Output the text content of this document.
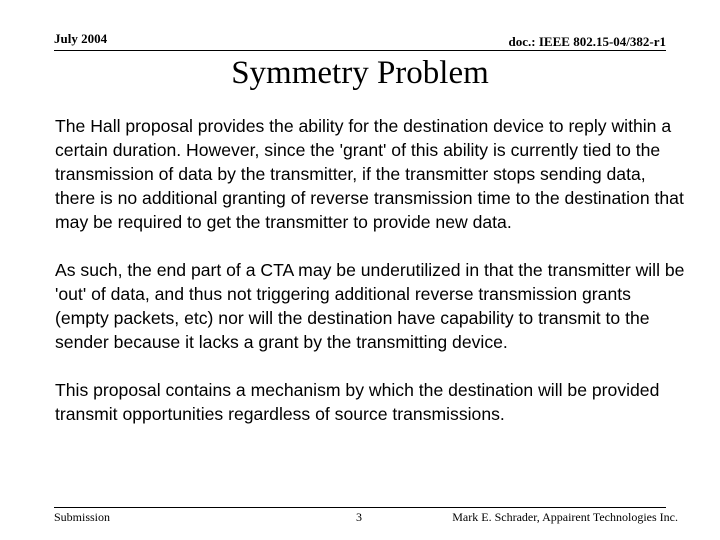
July 2004	doc.: IEEE 802.15-04/382-r1
Symmetry Problem

The Hall proposal provides the ability for the destination device to reply within a certain duration. However, since the 'grant' of this ability is currently tied to the transmission of data by the transmitter, if the transmitter stops sending data, there is no additional granting of reverse transmission time to the destination that may be required to get the transmitter to provide new data.

As such, the end part of a CTA may be underutilized in that the transmitter will be 'out' of data, and thus not triggering additional reverse transmission grants (empty packets, etc) nor will the destination have capability to transmit to the sender because it lacks a grant by the transmitting device.

This proposal contains a mechanism by which the destination will be provided transmit opportunities regardless of source transmissions.

Submission	3	Mark E. Schrader, Appairent Technologies Inc.
